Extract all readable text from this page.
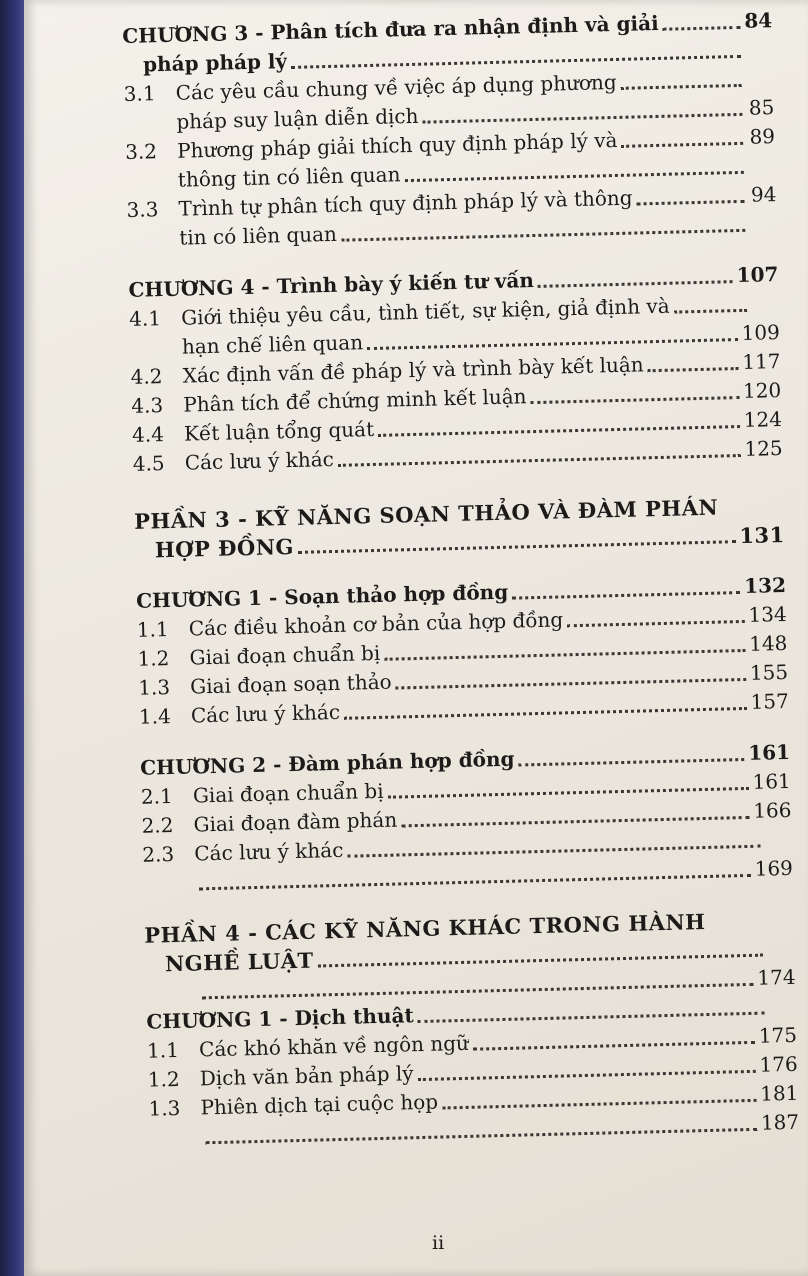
CHƯƠNG 3 - Phân tích đưa ra nhận định và giải	84
pháp pháp lý
3.1 Các yêu cầu chung về việc áp dụng phương
pháp suy luận diễn dịch	85
3.2 Phương pháp giải thích quy định pháp lý và	89
thông tin có liên quan
3.3 Trình tự phân tích quy định pháp lý và thông	94
tin có liên quan
CHƯƠNG 4 - Trình bày ý kiến tư vấn	107
4.1 Giới thiệu yêu cầu, tình tiết, sự kiện, giả định và
hạn chế liên quan	109
4.2 Xác định vấn đề pháp lý và trình bày kết luận	117
4.3 Phân tích để chứng minh kết luận	120
4.4 Kết luận tổng quát	124
4.5 Các lưu ý khác	125
PHẦN 3 - KỸ NĂNG SOẠN THẢO VÀ ĐÀM PHÁN
HỢP ĐỒNG	131
CHƯƠNG 1 - Soạn thảo hợp đồng	132
1.1 Các điều khoản cơ bản của hợp đồng	134
1.2 Giai đoạn chuẩn bị	148
1.3 Giai đoạn soạn thảo	155
1.4 Các lưu ý khác	157
CHƯƠNG 2 - Đàm phán hợp đồng	161
2.1 Giai đoạn chuẩn bị	161
2.2 Giai đoạn đàm phán	166
2.3 Các lưu ý khác
169
PHẦN 4 - CÁC KỸ NĂNG KHÁC TRONG HÀNH
NGHỀ LUẬT
174
CHƯƠNG 1 - Dịch thuật
1.1 Các khó khăn về ngôn ngữ	175
1.2 Dịch văn bản pháp lý	176
1.3 Phiên dịch tại cuộc họp	181
187
ii
